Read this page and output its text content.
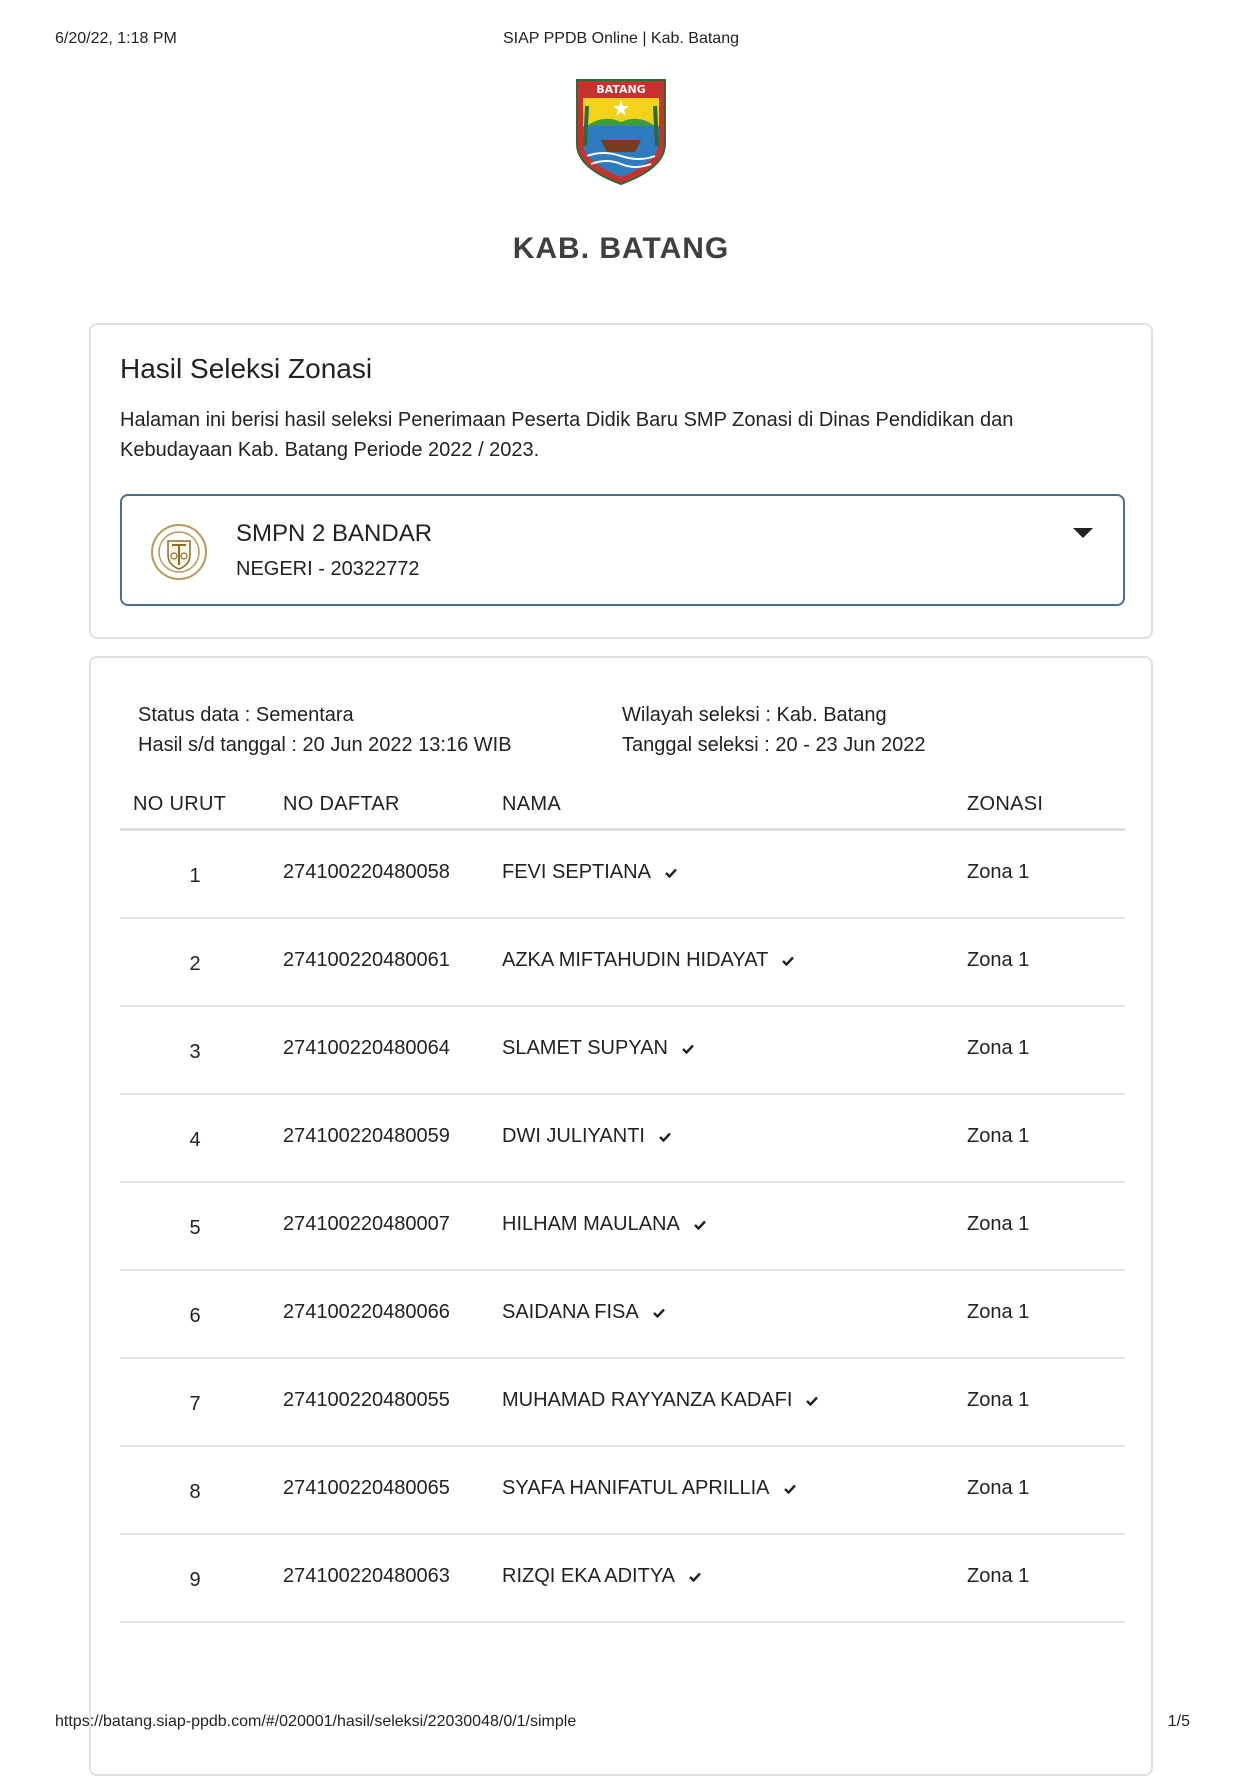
6/20/22, 1:18 PM	SIAP PPDB Online | Kab. Batang
BATANG
KAB. BATANG
Hasil Seleksi Zonasi
Halaman ini berisi hasil seleksi Penerimaan Peserta Didik Baru SMP Zonasi di Dinas Pendidikan dan Kebudayaan Kab. Batang Periode 2022 / 2023.
SMPN 2 BANDAR
NEGERI - 20322772
Status data : Sementara
Hasil s/d tanggal : 20 Jun 2022 13:16 WIB
Wilayah seleksi : Kab. Batang
Tanggal seleksi : 20 - 23 Jun 2022
NO URUT	NO DAFTAR	NAMA	ZONASI
1	274100220480058	FEVI SEPTIANA	Zona 1
2	274100220480061	AZKA MIFTAHUDIN HIDAYAT	Zona 1
3	274100220480064	SLAMET SUPYAN	Zona 1
4	274100220480059	DWI JULIYANTI	Zona 1
5	274100220480007	HILHAM MAULANA	Zona 1
6	274100220480066	SAIDANA FISA	Zona 1
7	274100220480055	MUHAMAD RAYYANZA KADAFI	Zona 1
8	274100220480065	SYAFA HANIFATUL APRILLIA	Zona 1
9	274100220480063	RIZQI EKA ADITYA	Zona 1
https://batang.siap-ppdb.com/#/020001/hasil/seleksi/22030048/0/1/simple	1/5
